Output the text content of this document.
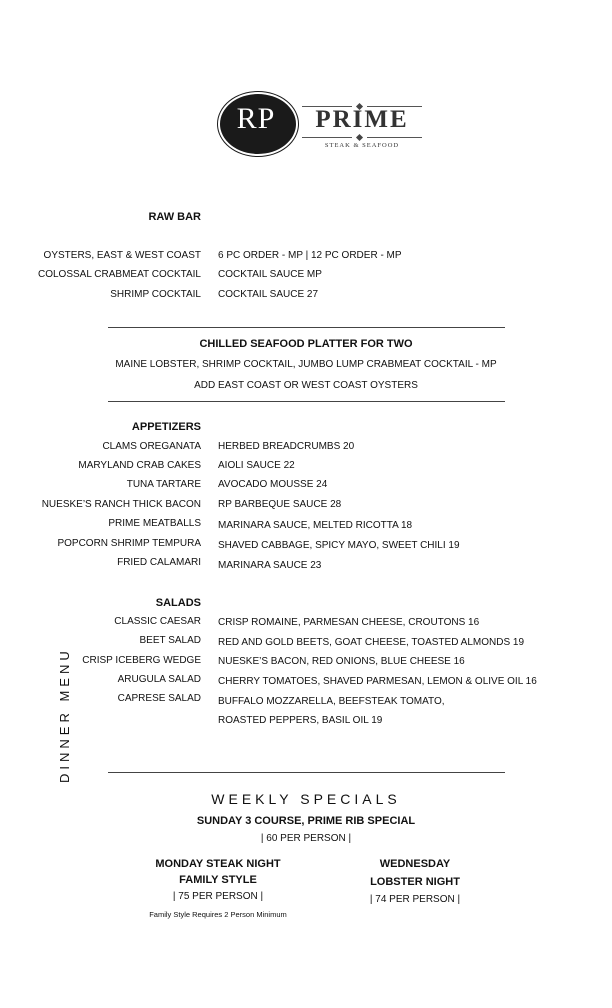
RP	PRIME
STEAK & SEAFOOD
DINNER MENU
RAW BAR
OYSTERS, EAST & WEST COAST 6 PC ORDER - MP | 12 PC ORDER - MP
COLOSSAL CRABMEAT COCKTAIL COCKTAIL SAUCE MP
SHRIMP COCKTAIL COCKTAIL SAUCE 27
CHILLED SEAFOOD PLATTER FOR TWO
MAINE LOBSTER, SHRIMP COCKTAIL, JUMBO LUMP CRABMEAT COCKTAIL - MP
ADD EAST COAST OR WEST COAST OYSTERS
APPETIZERS
CLAMS OREGANATA HERBED BREADCRUMBS 20
MARYLAND CRAB CAKES AIOLI SAUCE 22
TUNA TARTARE AVOCADO MOUSSE 24
NUESKE’S RANCH THICK BACON RP BARBEQUE SAUCE 28
PRIME MEATBALLS MARINARA SAUCE, MELTED RICOTTA 18
POPCORN SHRIMP TEMPURA SHAVED CABBAGE, SPICY MAYO, SWEET CHILI 19
FRIED CALAMARI MARINARA SAUCE 23
SALADS
CLASSIC CAESAR CRISP ROMAINE, PARMESAN CHEESE, CROUTONS 16
BEET SALAD RED AND GOLD BEETS, GOAT CHEESE, TOASTED ALMONDS 19
CRISP ICEBERG WEDGE NUESKE’S BACON, RED ONIONS, BLUE CHEESE 16
ARUGULA SALAD CHERRY TOMATOES, SHAVED PARMESAN, LEMON & OLIVE OIL 16
CAPRESE SALAD BUFFALO MOZZARELLA, BEEFSTEAK TOMATO,
ROASTED PEPPERS, BASIL OIL 19
WEEKLY SPECIALS
SUNDAY 3 COURSE, PRIME RIB SPECIAL
| 60 PER PERSON |
MONDAY STEAK NIGHT
FAMILY STYLE
| 75 PER PERSON |
Family Style Requires 2 Person Minimum
WEDNESDAY
LOBSTER NIGHT
| 74 PER PERSON |
